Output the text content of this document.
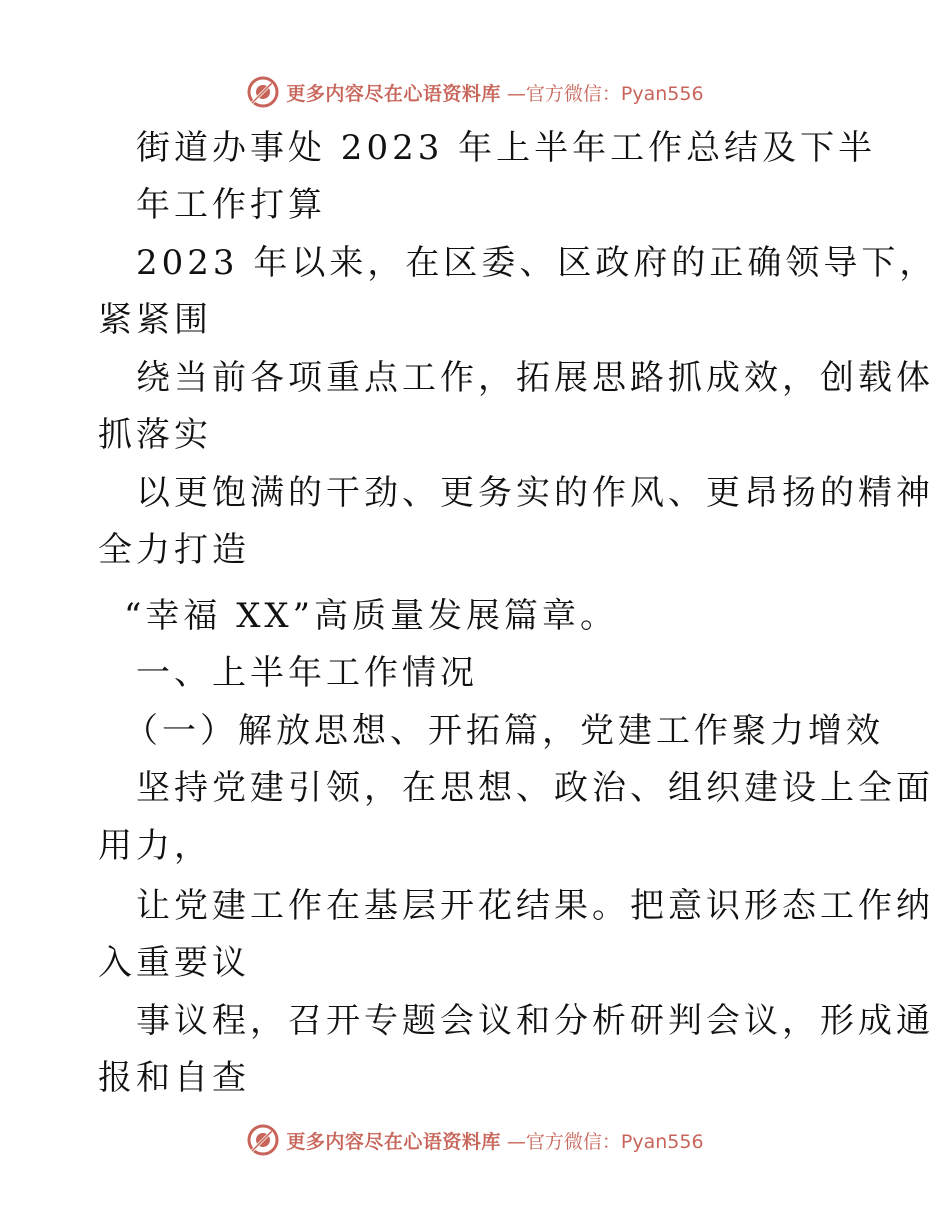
更多内容尽在心语资料库 —官方微信：Pyan556
街道办事处 2023 年上半年工作总结及下半
年工作打算
2023 年以来，在区委、区政府的正确领导下，
紧紧围
绕当前各项重点工作，拓展思路抓成效，创载体
抓落实
以更饱满的干劲、更务实的作风、更昂扬的精神
全力打造
“幸福 XX”高质量发展篇章。
一、上半年工作情况
（一）解放思想、开拓篇，党建工作聚力增效
坚持党建引领，在思想、政治、组织建设上全面
用力，
让党建工作在基层开花结果。把意识形态工作纳
入重要议
事议程，召开专题会议和分析研判会议，形成通
报和自查
更多内容尽在心语资料库 —官方微信：Pyan556
